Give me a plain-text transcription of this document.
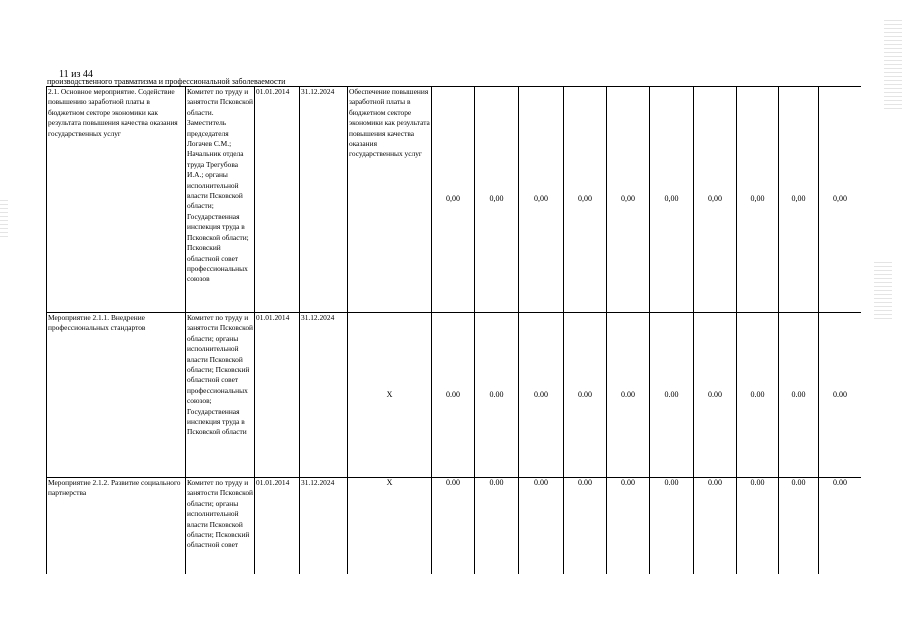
11 из 44
производственного травматизма и профессиональной заболеваемости
2.1. Основное мероприятие. Содействие повышению заработной платы в бюджетном секторе экономики как результата повышения качества оказания государственных услуг	Комитет по труду и занятости Псковской области. Заместитель председателя Логачев С.М.; Начальник отдела труда Трегубова И.А.; органы исполнительной власти Псковской области; Государственная инспекция труда в Псковской области; Псковский областной совет профессиональных союзов	01.01.2014	31.12.2024	Обеспечение повышения заработной платы в бюджетном секторе экономики как результата повышения качества оказания государственных услуг	0,00	0,00	0,00	0,00	0,00	0,00	0,00	0,00	0,00	0,00
Мероприятие 2.1.1. Внедрение профессиональных стандартов	Комитет по труду и занятости Псковской области; органы исполнительной власти Псковской области; Псковский областной совет профессиональных союзов; Государственная инспекция труда в Псковской области	01.01.2014	31.12.2024	Х	0.00	0.00	0.00	0.00	0.00	0.00	0.00	0.00	0.00	0.00
Мероприятие 2.1.2. Развитие социального партнерства	Комитет по труду и занятости Псковской области; органы исполнительной власти Псковской области; Псковский областной совет	01.01.2014	31.12.2024	Х	0.00	0.00	0.00	0.00	0.00	0.00	0.00	0.00	0.00	0.00
